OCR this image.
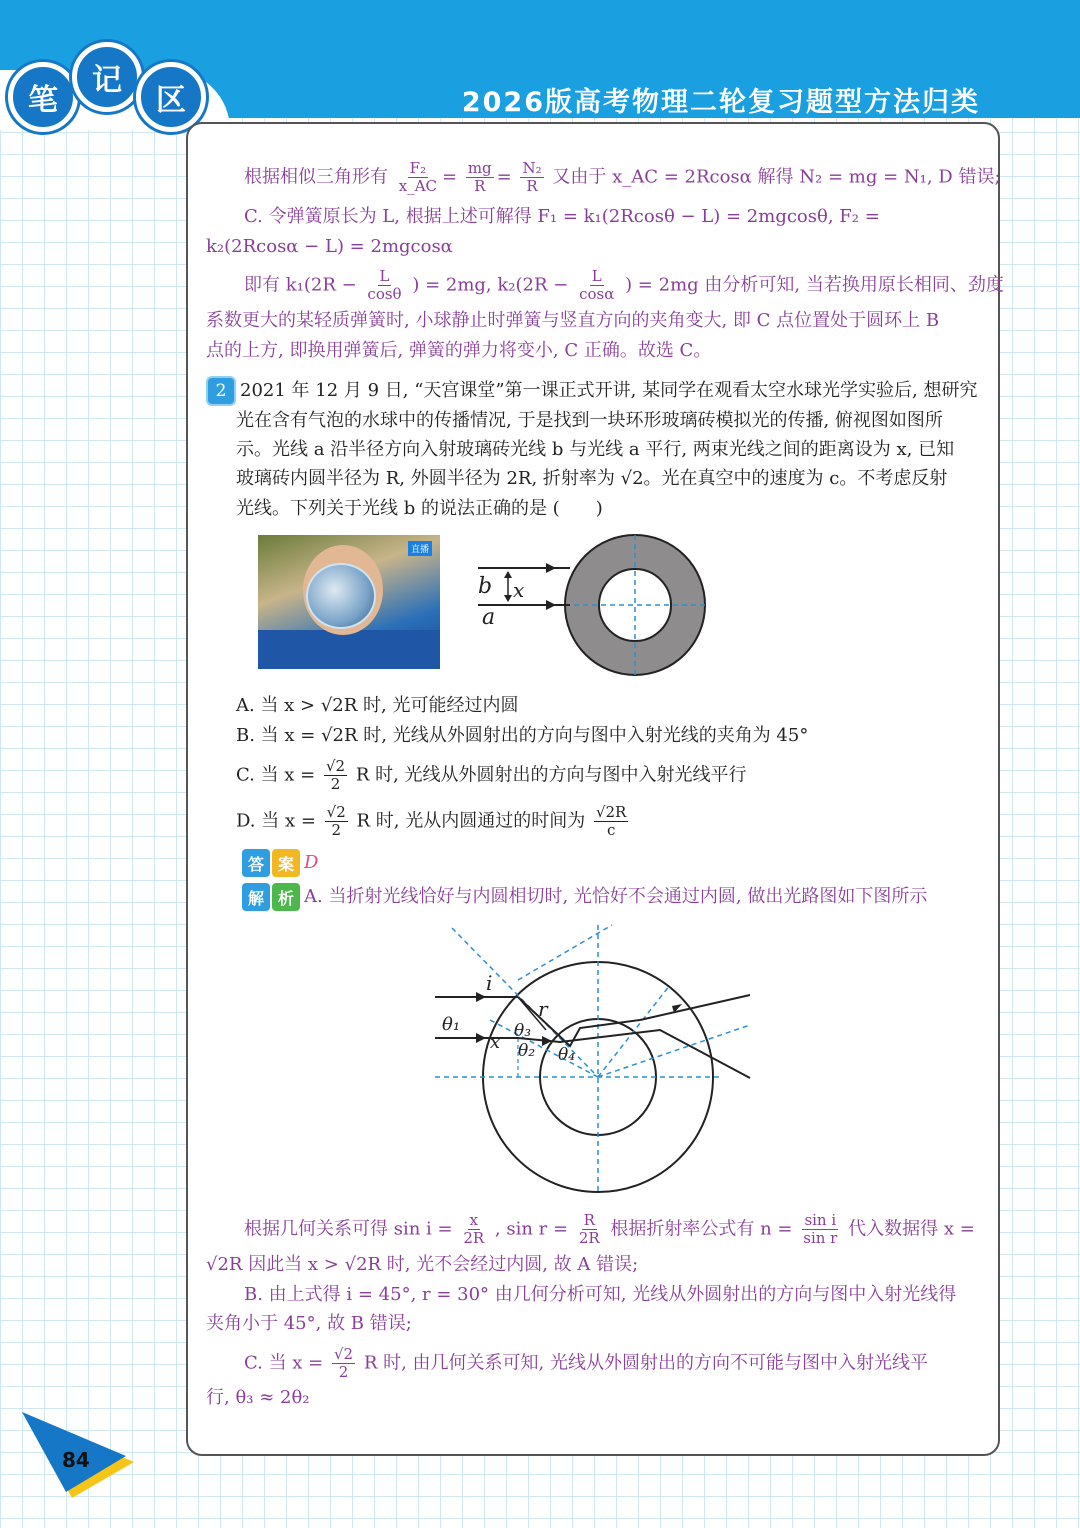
笔
记
区	2026版高考物理二轮复习题型方法归类
根据相似三角形有 $\frac{\text{F₂}}{x\_AC} = \frac{mg}{R} = \frac{\text{N₂}}{R}$ 又由于 x_AC = 2Rcosα 解得 N₂ = mg = N₁, D 错误;
C. 令弹簧原长为 L, 根据上述可解得 F₁ = k₁(2Rcosθ − L) = 2mgcosθ, F₂ =
k₂(2Rcosα − L) = 2mgcosα
即有 $k_1(2R - \frac{L}{\cos\theta}$ ) = 2mg, $k_2(2R - \frac{L}{\cos\alpha}$ ) = 2mg 由分析可知, 当若换用原长相同、劲度
系数更大的某轻质弹簧时, 小球静止时弹簧与竖直方向的夹角变大, 即 C 点位置处于圆环上 B
点的上方, 即换用弹簧后, 弹簧的弹力将变小, C 正确。故选 C。
2 2021 年 12 月 9 日, “天宫课堂”第一课正式开讲, 某同学在观看太空水球光学实验后, 想研究
光在含有气泡的水球中的传播情况, 于是找到一块环形玻璃砖模拟光的传播, 俯视图如图所
示。光线 a 沿半径方向入射玻璃砖光线 b 与光线 a 平行, 两束光线之间的距离设为 x, 已知
玻璃砖内圆半径为 R, 外圆半径为 2R, 折射率为 √2。光在真空中的速度为 c。不考虑反射
光线。下列关于光线 b 的说法正确的是 (　　)
直播
b x
a
A. 当 x > √2R 时, 光可能经过内圆
B. 当 x = √2R 时, 光线从外圆射出的方向与图中入射光线的夹角为 45°
C. 当 $x = \frac{√2}{2}$ R 时, 光线从外圆射出的方向与图中入射光线平行
D. 当 $x = \frac{√2}{2}$ R 时, 光从内圆通过的时间为 $\frac{√2R}{c}$
答 案 D
解 析 A. 当折射光线恰好与内圆相切时, 光恰好不会通过内圆, 做出光路图如下图所示
i
r
θ₁	θ₃
x θ₂ θ₄
根据几何关系可得 $\sin i = \frac{x}{2R}$ , $\sin r = \frac{R}{2R}$ 根据折射率公式有 $n = \frac{\text{sin i}}{\text{sin r}}$ 代入数据得 x =
√2R 因此当 x > √2R 时, 光不会经过内圆, 故 A 错误;
B. 由上式得 i = 45°, r = 30° 由几何分析可知, 光线从外圆射出的方向与图中入射光线得
夹角小于 45°, 故 B 错误;
C. 当 $x = \frac{√2}{2}$ R 时, 由几何关系可知, 光线从外圆射出的方向不可能与图中入射光线平
行, θ₃ ≈ 2θ₂
84
